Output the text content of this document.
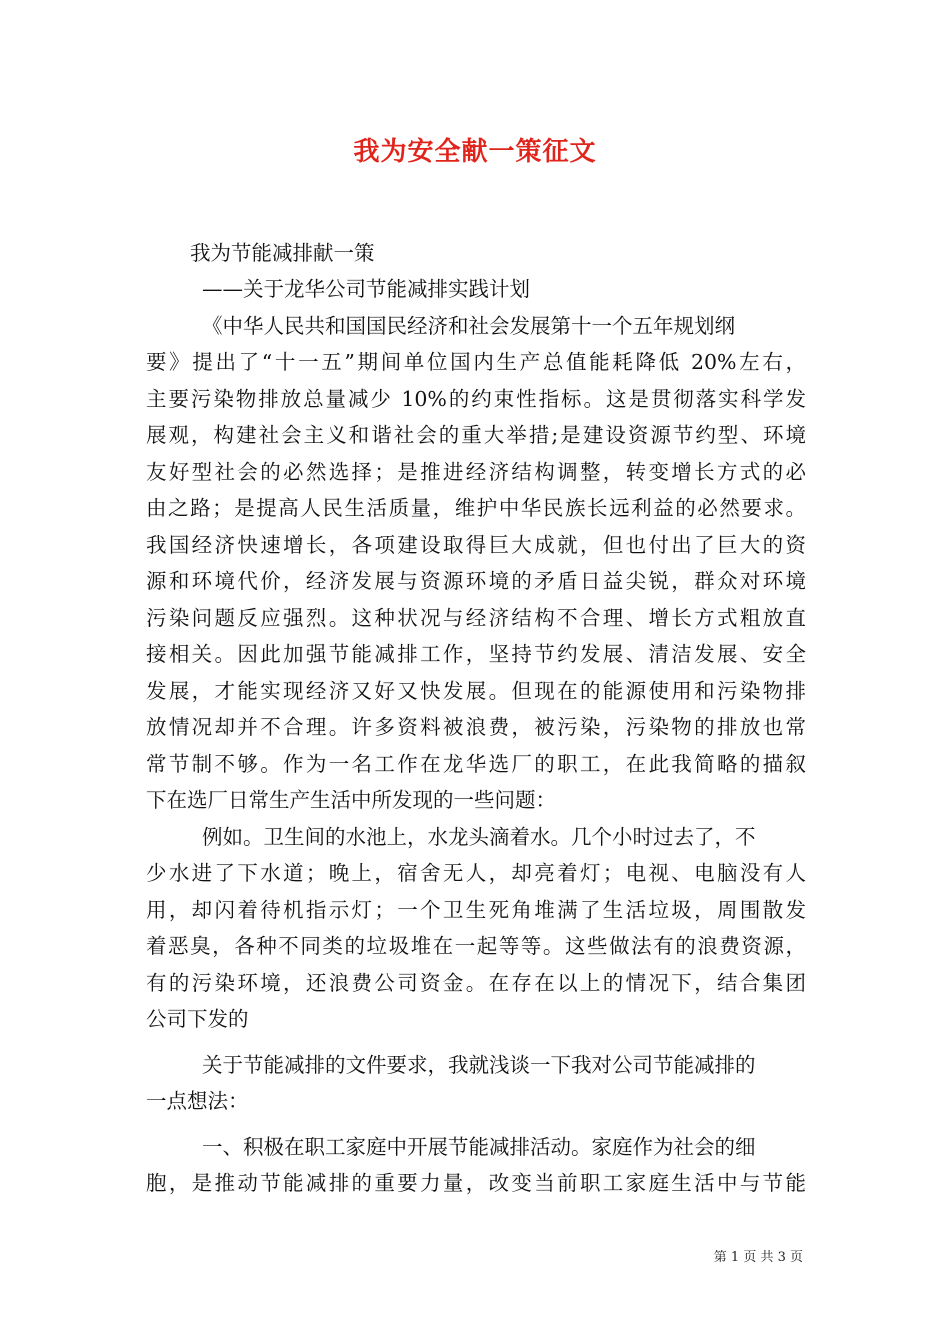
我为安全献一策征文
我为节能减排献一策
——关于龙华公司节能减排实践计划
《中华人民共和国国民经济和社会发展第十一个五年规划纲
要》提出了“十一五”期间单位国内生产总值能耗降低 20%左右，
主要污染物排放总量减少 10%的约束性指标。这是贯彻落实科学发
展观，构建社会主义和谐社会的重大举措;是建设资源节约型、环境
友好型社会的必然选择；是推进经济结构调整，转变增长方式的必
由之路；是提高人民生活质量，维护中华民族长远利益的必然要求。
我国经济快速增长，各项建设取得巨大成就，但也付出了巨大的资
源和环境代价，经济发展与资源环境的矛盾日益尖锐，群众对环境
污染问题反应强烈。这种状况与经济结构不合理、增长方式粗放直
接相关。因此加强节能减排工作，坚持节约发展、清洁发展、安全
发展，才能实现经济又好又快发展。但现在的能源使用和污染物排
放情况却并不合理。许多资料被浪费，被污染，污染物的排放也常
常节制不够。作为一名工作在龙华选厂的职工，在此我简略的描叙
下在选厂日常生产生活中所发现的一些问题：
例如。卫生间的水池上，水龙头滴着水。几个小时过去了，不
少水进了下水道；晚上，宿舍无人，却亮着灯；电视、电脑没有人
用，却闪着待机指示灯；一个卫生死角堆满了生活垃圾，周围散发
着恶臭，各种不同类的垃圾堆在一起等等。这些做法有的浪费资源，
有的污染环境，还浪费公司资金。在存在以上的情况下，结合集团
公司下发的
关于节能减排的文件要求，我就浅谈一下我对公司节能减排的
一点想法：
一、积极在职工家庭中开展节能减排活动。家庭作为社会的细
胞，是推动节能减排的重要力量，改变当前职工家庭生活中与节能
第 1 页 共 3 页
